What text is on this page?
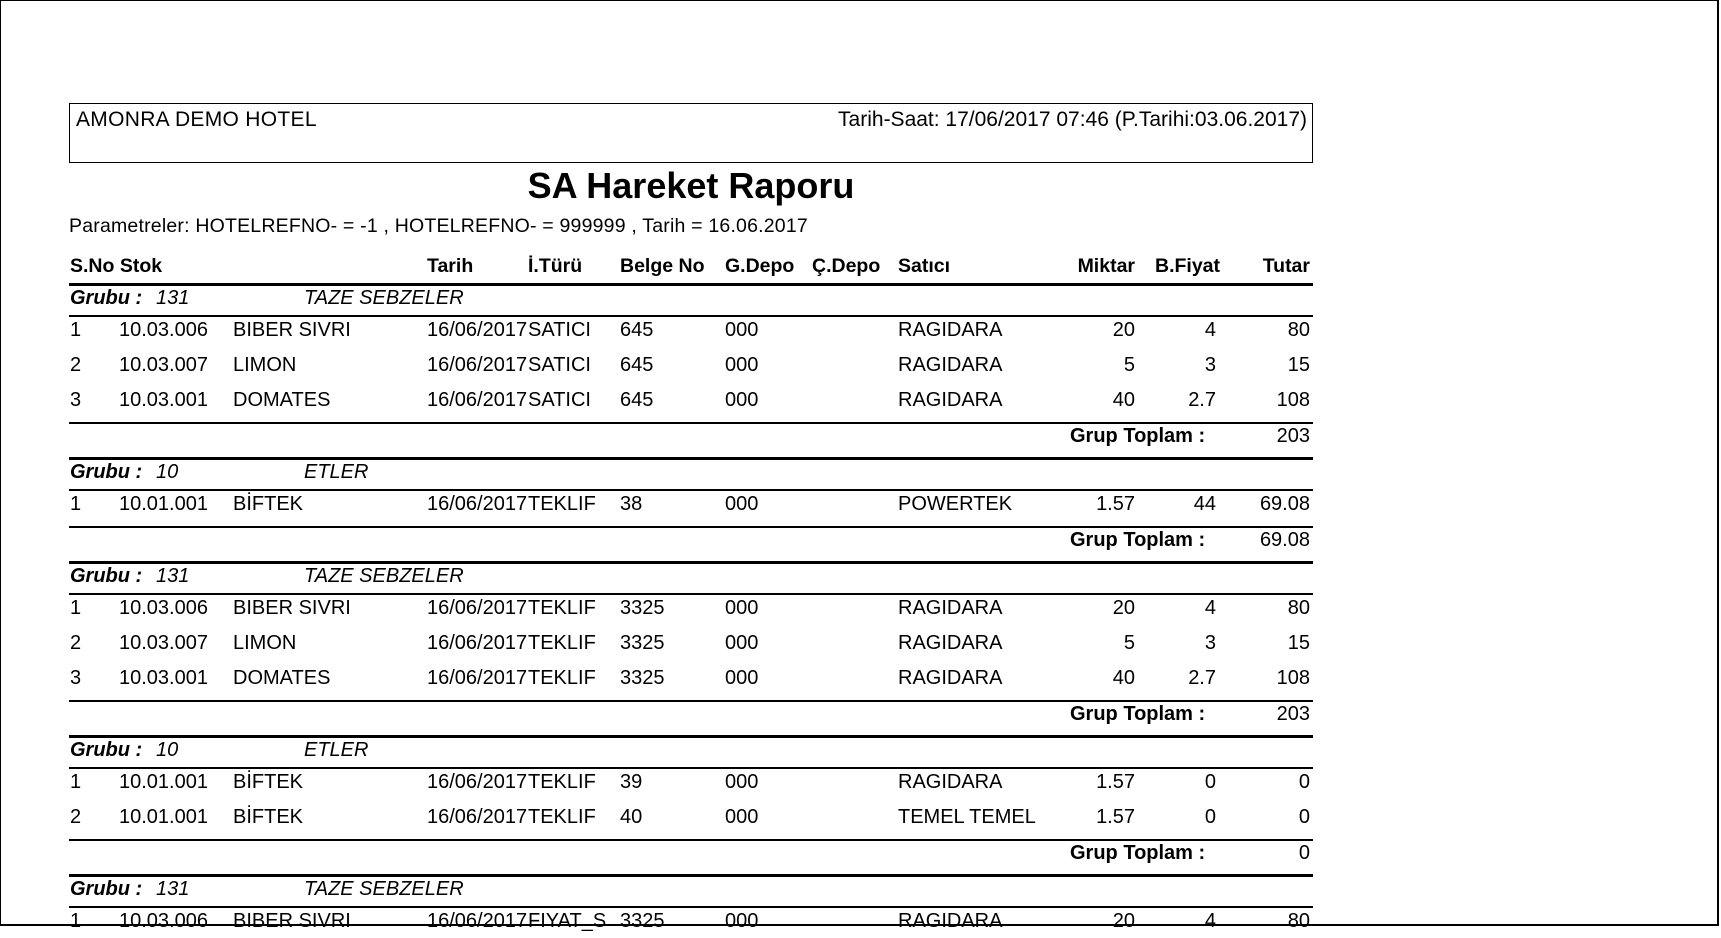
AMONRA DEMO HOTEL	Tarih-Saat: 17/06/2017 07:46 (P.Tarihi:03.06.2017)
SA Hareket Raporu
Parametreler: HOTELREFNO- = -1 , HOTELREFNO- = 999999 , Tarih = 16.06.2017
S.No Stok	Tarih	İ.Türü Belge No G.Depo Ç.Depo Satıcı	Miktar B.Fiyat Tutar
Grubu : 131	TAZE SEBZELER
1 10.03.006 BIBER SIVRI	16/06/2017 SATICI	645	000	RAGIDARA	20	4	80
2 10.03.007 LIMON	16/06/2017 SATICI	645	000	RAGIDARA	5	3	15
3 10.03.001 DOMATES	16/06/2017 SATICI	645	000	RAGIDARA	40	2.7	108
Grup Toplam :	203
Grubu : 10	ETLER
1 10.01.001 BİFTEK	16/06/2017 TEKLIF	38	000	POWERTEK	1.57	44 69.08
Grup Toplam :	69.08
Grubu : 131	TAZE SEBZELER
1 10.03.006 BIBER SIVRI	16/06/2017 TEKLIF	3325	000	RAGIDARA	20	4	80
2 10.03.007 LIMON	16/06/2017 TEKLIF	3325	000	RAGIDARA	5	3	15
3 10.03.001 DOMATES	16/06/2017 TEKLIF	3325	000	RAGIDARA	40	2.7	108
Grup Toplam :	203
Grubu : 10	ETLER
1 10.01.001 BİFTEK	16/06/2017 TEKLIF	39	000	RAGIDARA	1.57	0	0
2 10.01.001 BİFTEK	16/06/2017 TEKLIF	40	000	TEMEL TEMEL	1.57	0	0
Grup Toplam :	0
Grubu : 131	TAZE SEBZELER
1 10.03.006 BIBER SIVRI	16/06/2017 FIYAT_S 3325	000	RAGIDARA	20	4	80
